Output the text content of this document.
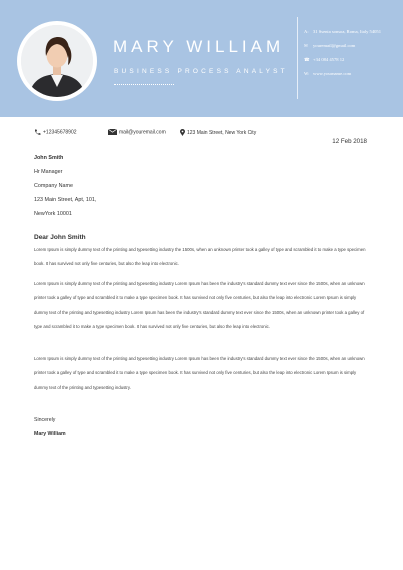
MARY WILLIAM
BUSINESS PROCESS ANALYST
A: 31 Ssenta sonsoa, Roma, Italy 54051
✉ youremail@gmail.com
☎ +34 084 4578 12
W: www.yourname.com
+12345678902	mail@youremail.com	123 Main Street, New York City
12 Feb 2018
John Smith
Hr Manager
Company Name
123 Main Street, Apt, 101,
NewYork 10001
Dear John Smith
Lorem Ipsum is simply dummy text of the printing and typesetting industry the 1500s, when an unknown printer took a galley of type and scrambled it to make a type specimen book. It has survived not only five centuries, but also the leap into electronic.
Lorem Ipsum is simply dummy text of the printing and typesetting industry Lorem Ipsum has been the industry's standard dummy text ever since the 1500s, when an unknown printer took a galley of type and scrambled it to make a type specimen book. It has survived not only five centuries, but also the leap into electronic Lorem Ipsum is simply dummy text of the printing and typesetting industry Lorem Ipsum has been the industry's standard dummy text ever since the 1500s, when an unknown printer took a galley of type and scrambled it to make a type specimen book. It has survived not only five centuries, but also the leap into electronic.
Lorem Ipsum is simply dummy text of the printing and typesetting industry Lorem Ipsum has been the industry's standard dummy text ever since the 1500s, when an unknown printer took a galley of type and scrambled it to make a type specimen book. It has survived not only five centuries, but also the leap into electronic Lorem Ipsum is simply dummy text of the printing and typesetting industry.
Sincerely
Mary William
